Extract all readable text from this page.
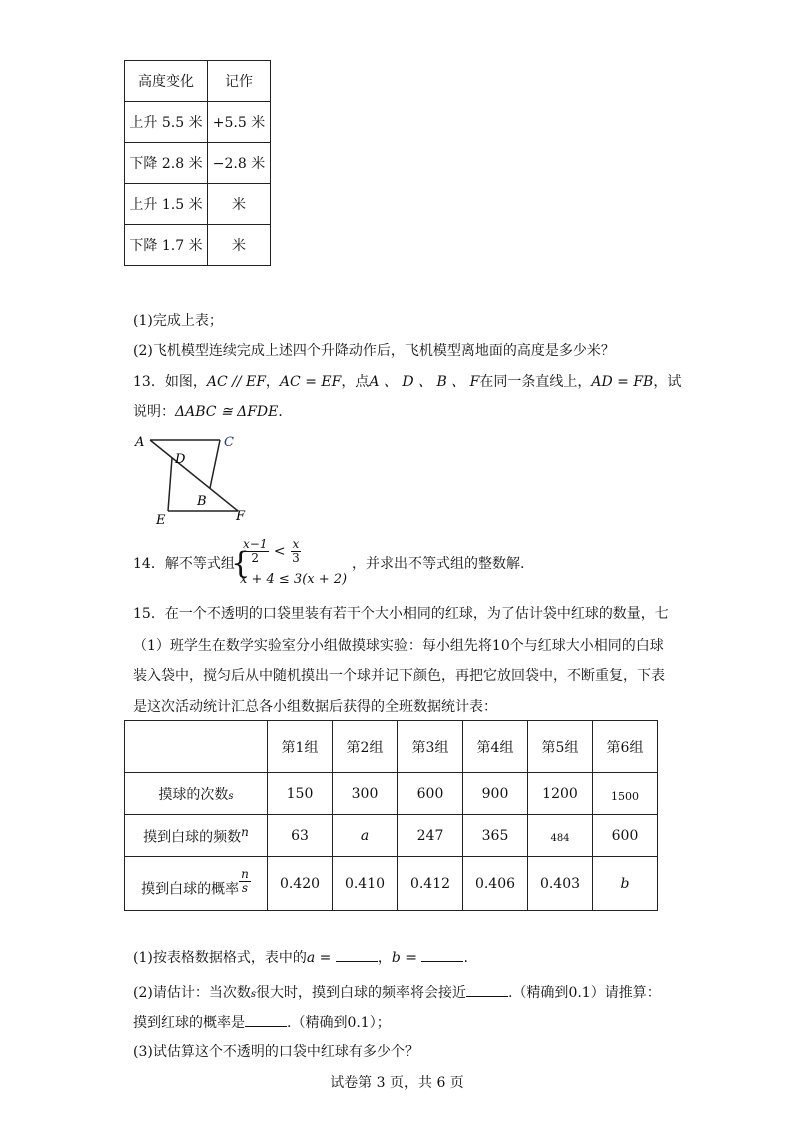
高度变化	记作
上升 5.5 米	+5.5 米
下降 2.8 米	−2.8 米
上升 1.5 米	米
下降 1.7 米	米
(1)完成上表；
(2)飞机模型连续完成上述四个升降动作后，飞机模型离地面的高度是多少米？
13．如图，AC // EF，AC = EF，点A 、 D 、 B 、 F在同一条直线上，AD = FB，试
说明：ΔABC ≅ ΔFDE．
A	C
D
B
E	F
14．解不等式组
{
$\frac{x-1}{2} < \frac{x}{3}$
x + 4 ≤ 3(x + 2)
，并求出不等式组的整数解.
15．在一个不透明的口袋里装有若干个大小相同的红球，为了估计袋中红球的数量，七
（1）班学生在数学实验室分小组做摸球实验：每小组先将10个与红球大小相同的白球
装入袋中，搅匀后从中随机摸出一个球并记下颜色，再把它放回袋中，不断重复，下表
是这次活动统计汇总各小组数据后获得的全班数据统计表：
	第1组	第2组	第3组	第4组	第5组	第6组
摸球的次数s	150	300	600	900	1200	1500
摸到白球的频数n	63	a	247	365	484	600
摸到白球的概率 $\frac{n}{s}$	0.420	0.410	0.412	0.406	0.403	b
(1)按表格数据格式，表中的a =	，b =	.
(2)请估计：当次数s很大时，摸到白球的频率将会接近	.（精确到0.1）请推算：
摸到红球的概率是	.（精确到0.1）；
(3)试估算这个不透明的口袋中红球有多少个？
试卷第 3 页，共 6 页
